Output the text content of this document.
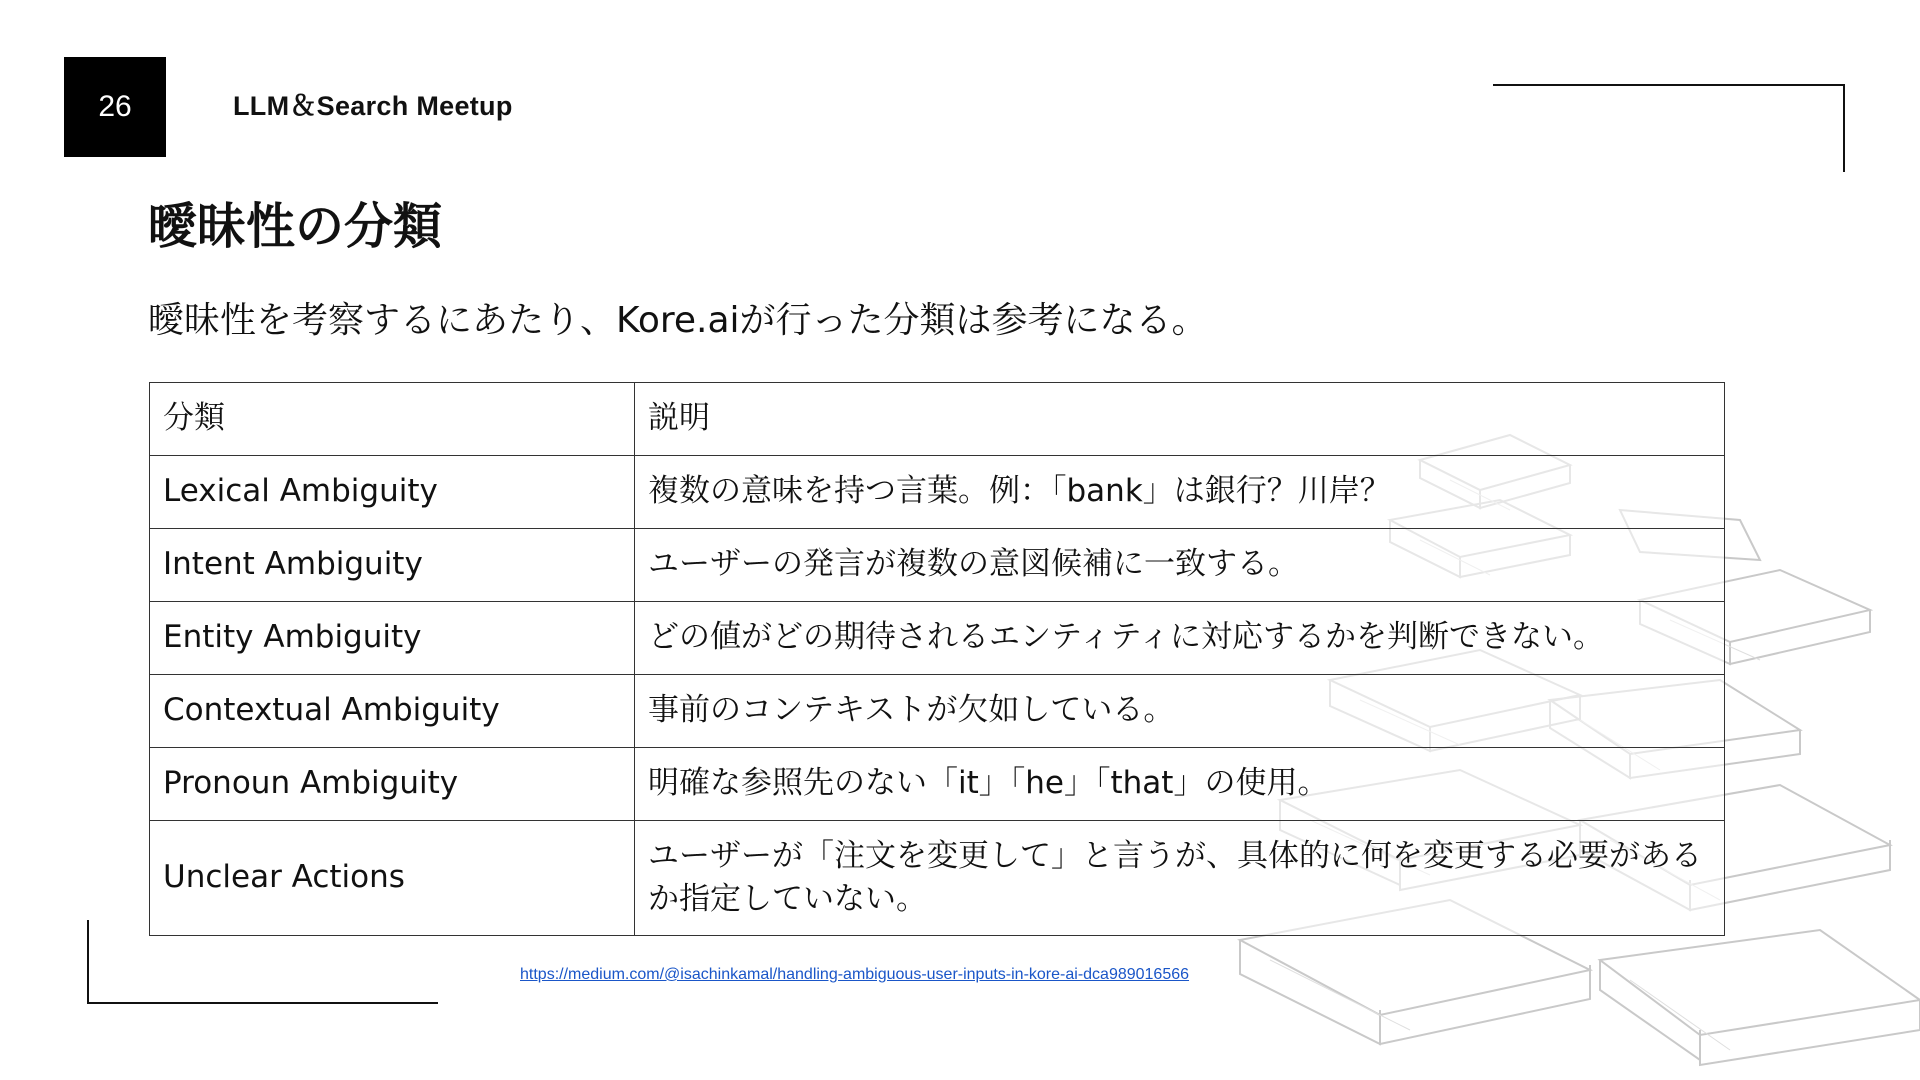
26	LLM＆Search Meetup
曖昧性の分類
曖昧性を考察するにあたり、Kore.aiが行った分類は参考になる。
分類	説明
Lexical Ambiguity	複数の意味を持つ言葉。例：「bank」は銀行？川岸？
Intent Ambiguity	ユーザーの発言が複数の意図候補に一致する。
Entity Ambiguity	どの値がどの期待されるエンティティに対応するかを判断できない。
Contextual Ambiguity	事前のコンテキストが欠如している。
Pronoun Ambiguity	明確な参照先のない「it」「he」「that」の使用。
Unclear Actions	ユーザーが「注文を変更して」と言うが、具体的に何を変更する必要があるか指定していない。
https://medium.com/@isachinkamal/handling-ambiguous-user-inputs-in-kore-ai-dca989016566
